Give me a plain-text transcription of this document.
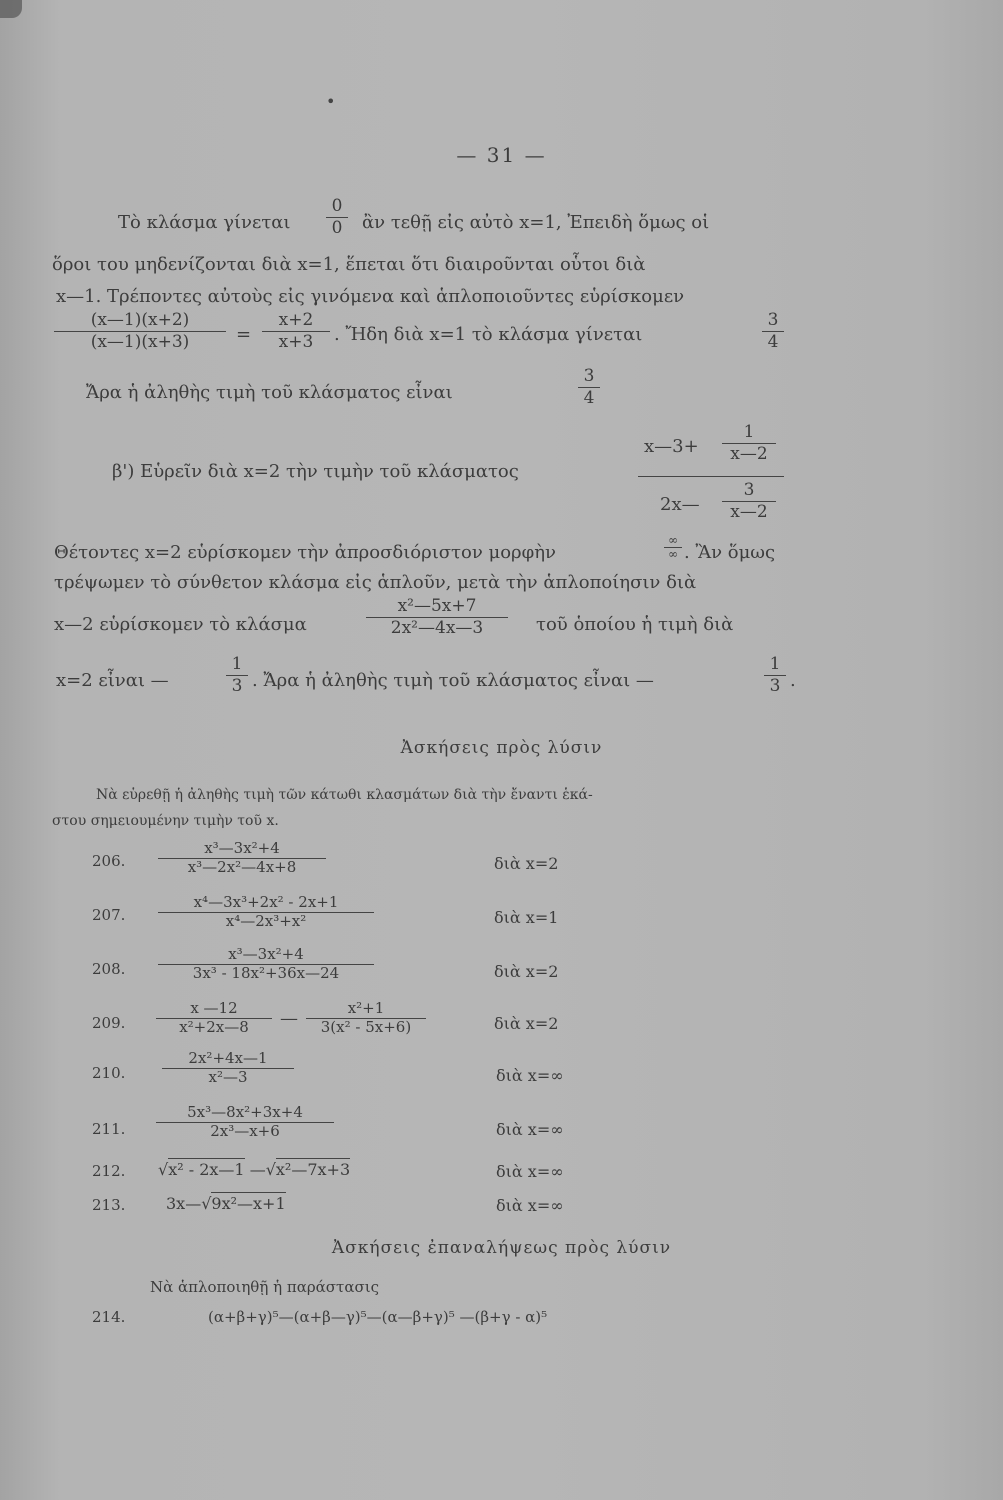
•
— 31 —
Τὸ κλάσμα γίνεται
0
0	ἂν τεθῇ εἰς αὐτὸ x=1, Ἐπειδὴ ὅμως οἱ
ὅροι του μηδενίζονται διὰ x=1, ἕπεται ὅτι διαιροῦνται οὗτοι διὰ
x—1. Τρέποντες αὐτοὺς εἰς γινόμενα καὶ ἁπλοποιοῦντες εὑρίσκομεν
(x—1)(x+2)
(x—1)(x+3)	=
x+2
x+3	. Ἤδη διὰ x=1 τὸ κλάσμα γίνεται
3
4
Ἄρα ἡ ἀληθὴς τιμὴ τοῦ κλάσματος εἶναι
3
4
β') Εὑρεῖν διὰ x=2 τὴν τιμὴν τοῦ κλάσματος
x—3+
1
x—2
2x—
3
x—2
Θέτοντες x=2 εὑρίσκομεν τὴν ἀπροσδιόριστον μορφὴν
∞
∞ . Ἂν ὅμως
τρέψωμεν τὸ σύνθετον κλάσμα εἰς ἁπλοῦν, μετὰ τὴν ἁπλοποίησιν διὰ
x—2 εὑρίσκομεν τὸ κλάσμα
x²—5x+7
2x²—4x—3	τοῦ ὁποίου ἡ τιμὴ διὰ
x=2 εἶναι —
1
3 . Ἄρα ἡ ἀληθὴς τιμὴ τοῦ κλάσματος εἶναι —
1
3 .
Ἀσκήσεις πρὸς λύσιν
Νὰ εὑρεθῇ ἡ ἀληθὴς τιμὴ τῶν κάτωθι κλασμάτων διὰ τὴν ἔναντι ἑκά-
στου σημειουμένην τιμὴν τοῦ x.
206.
x³—3x²+4
x³—2x²—4x+8	διὰ x=2
207.
x⁴—3x³+2x² - 2x+1
x⁴—2x³+x²	διὰ x=1
208.
x³—3x²+4
3x³ - 18x²+36x—24	διὰ x=2
209.
x —12
x²+2x—8	—	x²+1
3(x² - 5x+6)	διὰ x=2
210.
2x²+4x—1
x²—3	διὰ x=∞
211.
5x³—8x²+3x+4
2x³—x+6	διὰ x=∞
212. √x² - 2x—1 —√x²—7x+3	διὰ x=∞
213.	3x—√9x²—x+1	διὰ x=∞
Ἀσκήσεις ἐπαναλήψεως πρὸς λύσιν
Νὰ ἁπλοποιηθῇ ἡ παράστασις
214.	(α+β+γ)⁵—(α+β—γ)⁵—(α—β+γ)⁵ —(β+γ - α)⁵
